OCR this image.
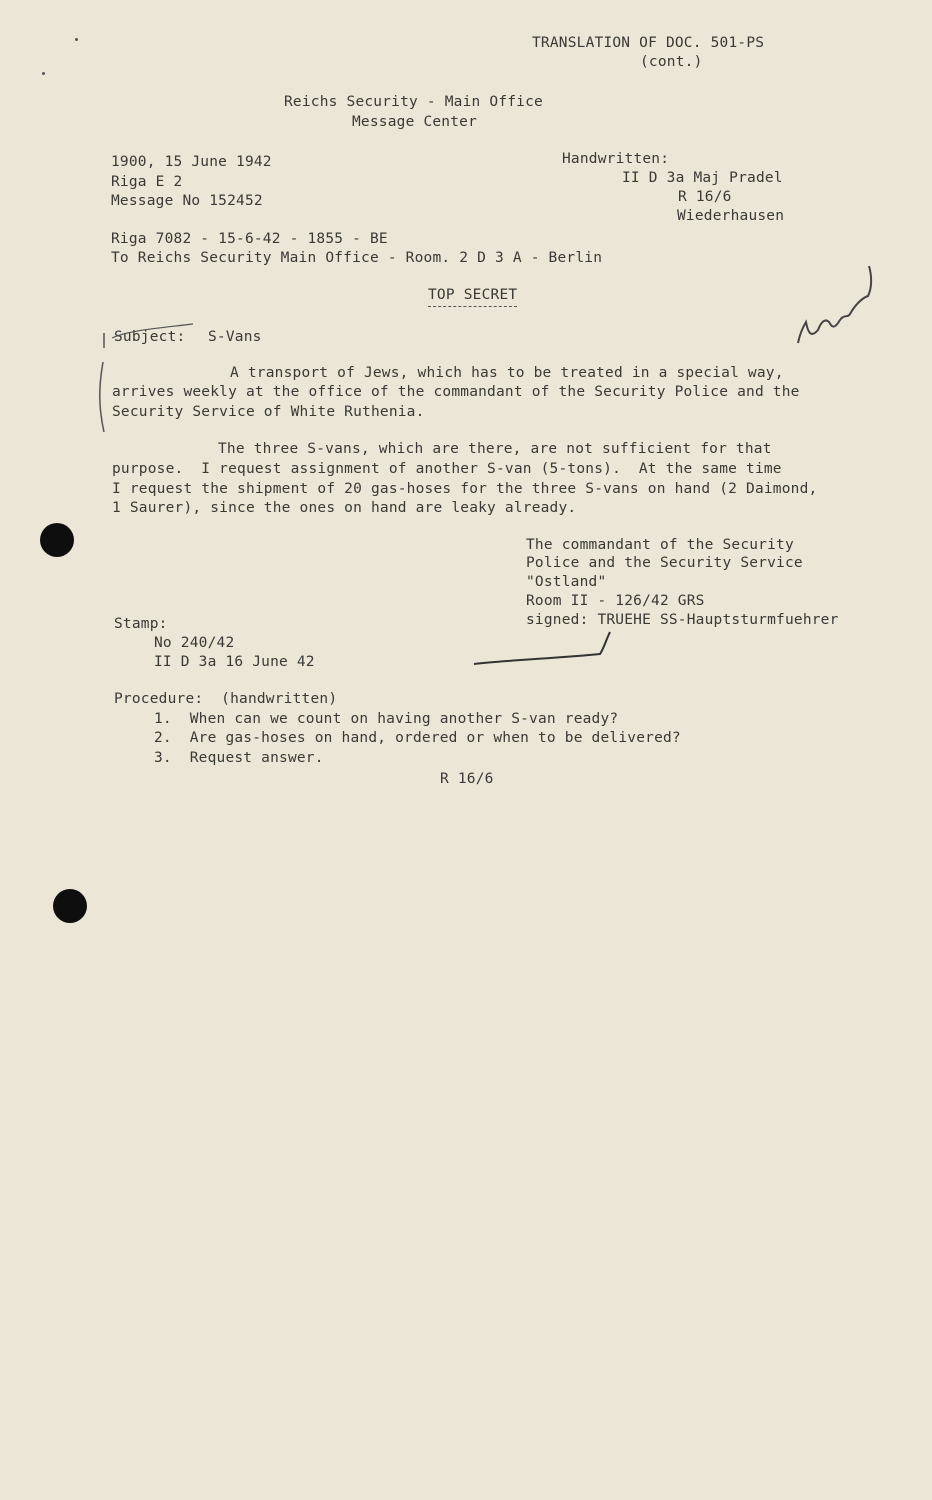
TRANSLATION OF DOC. 501-PS
(cont.)
Reichs Security - Main Office
Message Center
1900, 15 June 1942
Riga E 2
Message No 152452
Handwritten:
II D 3a Maj Pradel
R 16/6
Wiederhausen
Riga 7082 - 15-6-42 - 1855 - BE
To Reichs Security Main Office - Room. 2 D 3 A - Berlin
TOP SECRET
Subject: S-Vans
A transport of Jews, which has to be treated in a special way,
arrives weekly at the office of the commandant of the Security Police and the
Security Service of White Ruthenia.
The three S-vans, which are there, are not sufficient for that
purpose.  I request assignment of another S-van (5-tons).  At the same time
I request the shipment of 20 gas-hoses for the three S-vans on hand (2 Daimond,
1 Saurer), since the ones on hand are leaky already.
The commandant of the Security
Police and the Security Service
"Ostland"
Room II - 126/42 GRS
signed: TRUEHE SS-Hauptsturmfuehrer
Stamp:
No 240/42
II D 3a 16 June 42
Procedure:  (handwritten)
1.  When can we count on having another S-van ready?
2.  Are gas-hoses on hand, ordered or when to be delivered?
3.  Request answer.
R 16/6
